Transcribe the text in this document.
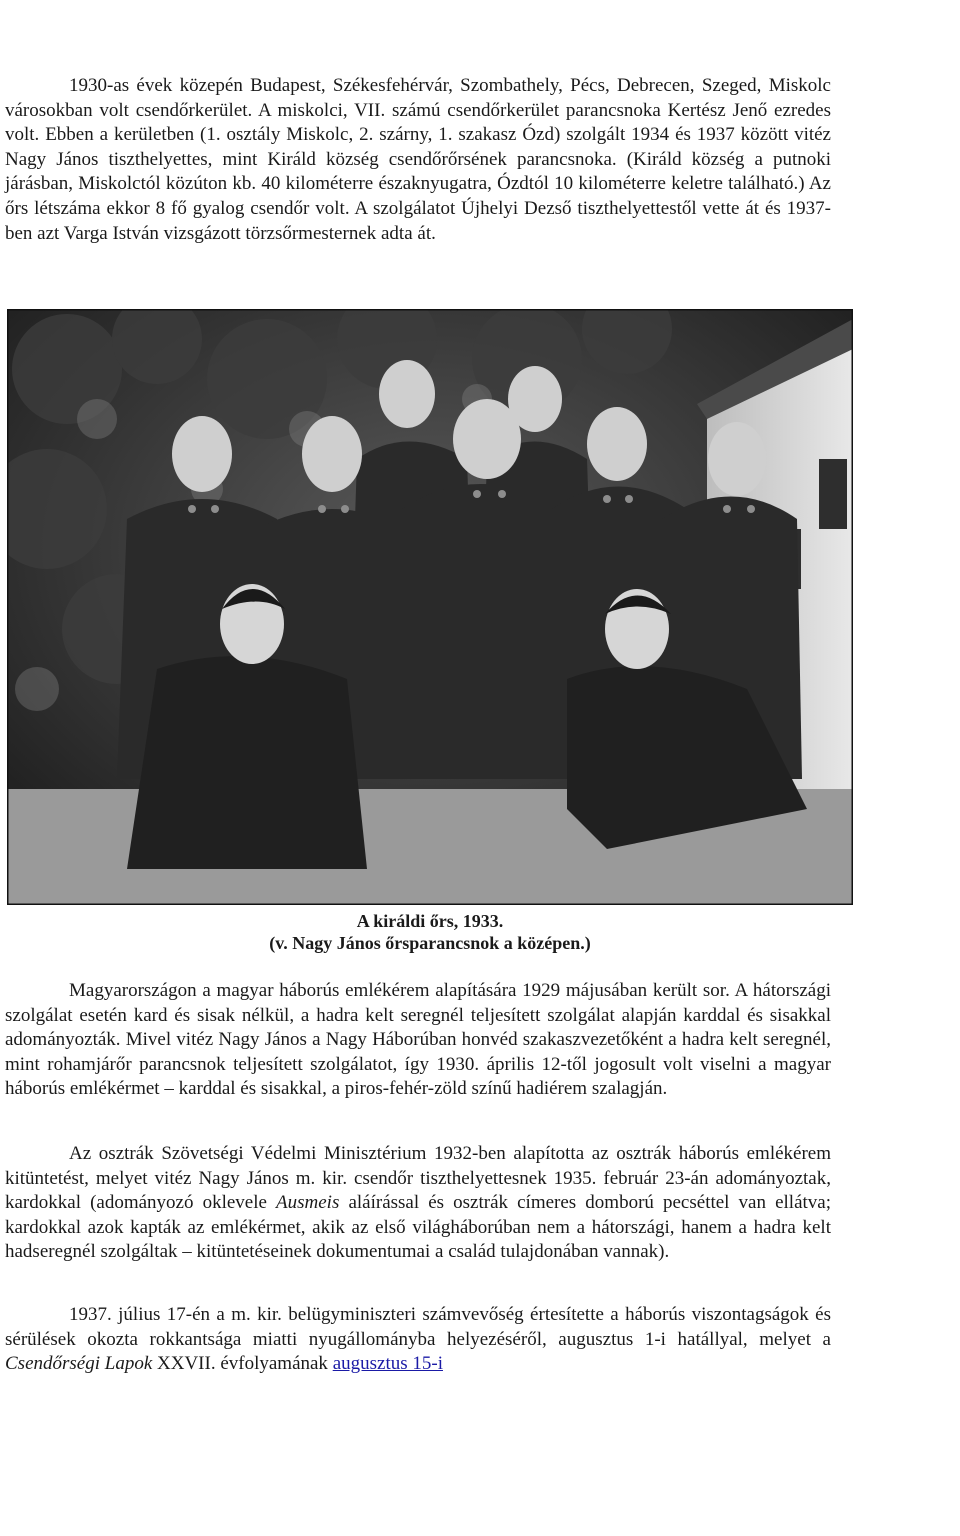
1930-as évek közepén Budapest, Székesfehérvár, Szombathely, Pécs, Debrecen, Szeged, Miskolc városokban volt csendőrkerület. A miskolci, VII. számú csendőrkerület parancsnoka Kertész Jenő ezredes volt. Ebben a kerületben (1. osztály Miskolc, 2. szárny, 1. szakasz Ózd) szolgált 1934 és 1937 között vitéz Nagy János tiszthelyettes, mint Királd község csendőrőrsének parancsnoka. (Királd község a putnoki járásban, Miskolctól közúton kb. 40 kilométerre északnyugatra, Ózdtól 10 kilométerre keletre található.) Az őrs létszáma ekkor 8 fő gyalog csendőr volt. A szolgálatot Újhelyi Dezső tiszthelyettestől vette át és 1937-ben azt Varga István vizsgázott törzsőrmesternek adta át.

A királdi őrs, 1933.

(v. Nagy János őrsparancsnok a középen.)

Magyarországon a magyar háborús emlékérem alapítására 1929 májusában került sor. A hátországi szolgálat esetén kard és sisak nélkül, a hadra kelt seregnél teljesített szolgálat alapján karddal és sisakkal adományozták. Mivel vitéz Nagy János a Nagy Háborúban honvéd szakaszvezetőként a hadra kelt seregnél, mint rohamjárőr parancsnok teljesített szolgálatot, így 1930. április 12-től jogosult volt viselni a magyar háborús emlékérmet – karddal és sisakkal, a piros-fehér-zöld színű hadiérem szalagján.

Az osztrák Szövetségi Védelmi Minisztérium 1932-ben alapította az osztrák háborús emlékérem kitüntetést, melyet vitéz Nagy János m. kir. csendőr tiszthelyettesnek 1935. február 23-án adományoztak, kardokkal (adományozó oklevele Ausmeis aláírással és osztrák címeres domború pecséttel van ellátva; kardokkal azok kapták az emlékérmet, akik az első világháborúban nem a hátországi, hanem a hadra kelt hadseregnél szolgáltak – kitüntetéseinek dokumentumai a család tulajdonában vannak).

1937. július 17-én a m. kir. belügyminiszteri számvevőség értesítette a háborús viszontagságok és sérülések okozta rokkantsága miatti nyugállományba helyezéséről, augusztus 1-i hatállyal, melyet a Csendőrségi Lapok XXVII. évfolyamának augusztus 15-i
